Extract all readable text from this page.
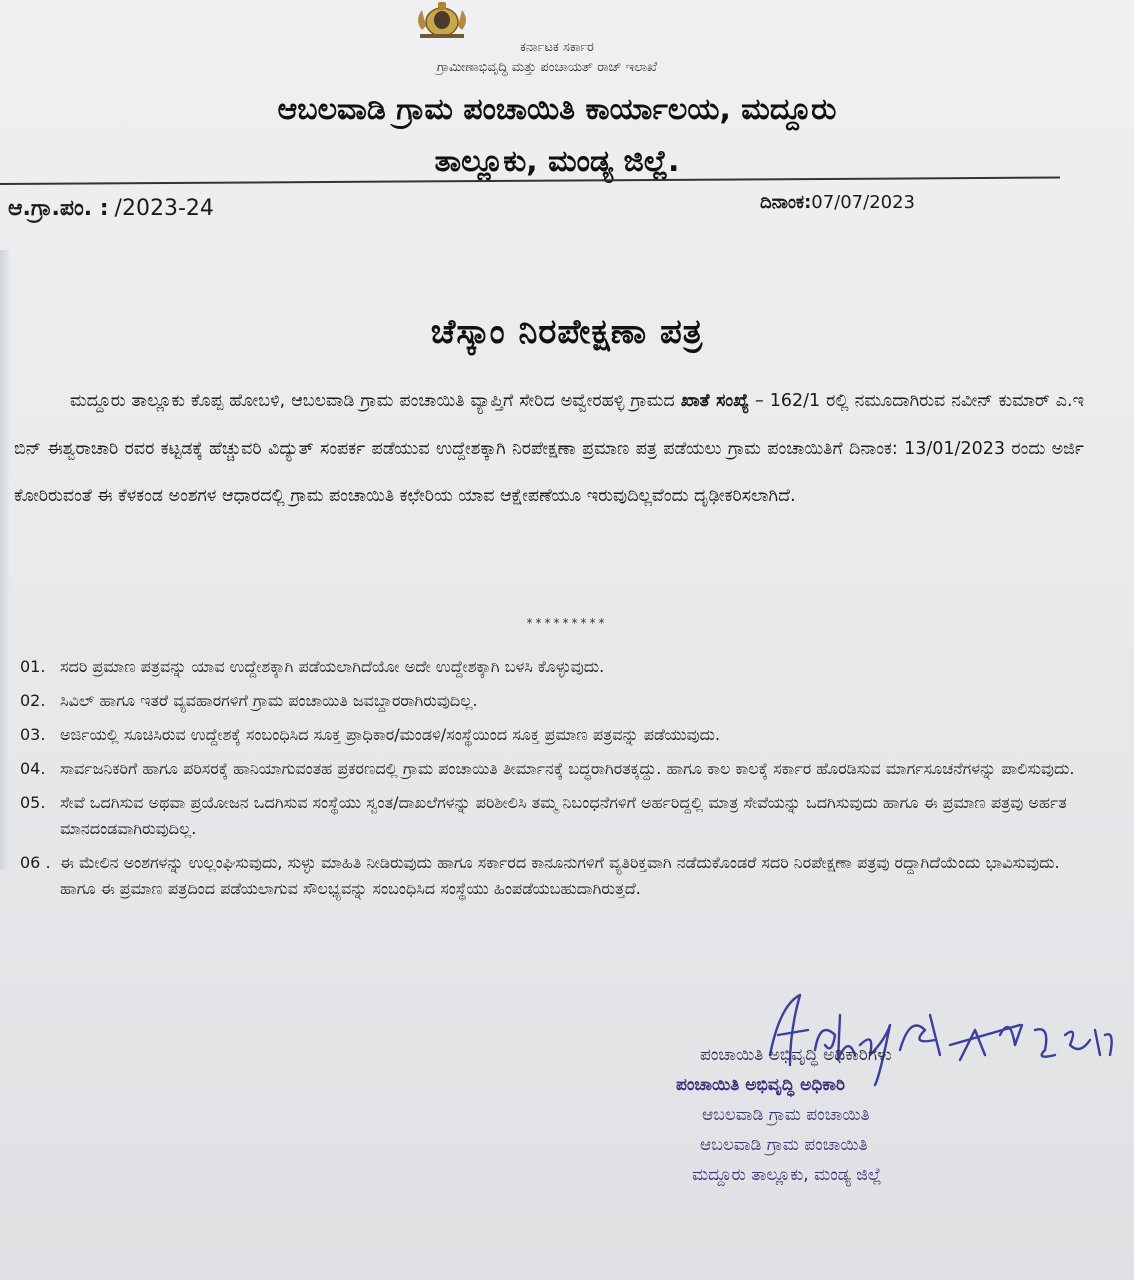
ಕರ್ನಾಟಕ ಸರ್ಕಾರ
ಗ್ರಾಮೀಣಾಭಿವೃದ್ಧಿ ಮತ್ತು ಪಂಚಾಯತ್ ರಾಜ್ ಇಲಾಖೆ
ಆಬಲವಾಡಿ ಗ್ರಾಮ ಪಂಚಾಯಿತಿ ಕಾರ್ಯಾಲಯ, ಮದ್ದೂರು
ತಾಲ್ಲೂಕು, ಮಂಡ್ಯ ಜಿಲ್ಲೆ.
ಆ.ಗ್ರಾ.ಪಂ. : /2023-24	ದಿನಾಂಕ:07/07/2023
ಚೆಸ್ಕಾಂ ನಿರಪೇಕ್ಷಣಾ ಪತ್ರ
ಮದ್ದೂರು ತಾಲ್ಲೂಕು ಕೊಪ್ಪ ಹೋಬಳಿ, ಆಬಲವಾಡಿ ಗ್ರಾಮ ಪಂಚಾಯಿತಿ ವ್ಯಾಪ್ತಿಗೆ ಸೇರಿದ ಅವ್ವೇರಹಳ್ಳಿ ಗ್ರಾಮದ ಖಾತೆ ಸಂಖ್ಯೆ – 162/1 ರಲ್ಲಿ ನಮೂದಾಗಿರುವ ನವೀನ್ ಕುಮಾರ್ ಎ.ಇ ಬಿನ್ ಈಶ್ವರಾಚಾರಿ ರವರ ಕಟ್ಟಡಕ್ಕೆ ಹೆಚ್ಚುವರಿ ವಿದ್ಯುತ್ ಸಂಪರ್ಕ ಪಡೆಯುವ ಉದ್ದೇಶಕ್ಕಾಗಿ ನಿರಪೇಕ್ಷಣಾ ಪ್ರಮಾಣ ಪತ್ರ ಪಡೆಯಲು ಗ್ರಾಮ ಪಂಚಾಯಿತಿಗೆ ದಿನಾಂಕ: 13/01/2023 ರಂದು ಅರ್ಜಿ ಕೋರಿರುವಂತೆ ಈ ಕೆಳಕಂಡ ಅಂಶಗಳ ಆಧಾರದಲ್ಲಿ ಗ್ರಾಮ ಪಂಚಾಯಿತಿ ಕಛೇರಿಯ ಯಾವ ಆಕ್ಷೇಪಣೆಯೂ ಇರುವುದಿಲ್ಲವೆಂದು ದೃಢೀಕರಿಸಲಾಗಿದೆ.
*********
01. ಸದರಿ ಪ್ರಮಾಣ ಪತ್ರವನ್ನು ಯಾವ ಉದ್ದೇಶಕ್ಕಾಗಿ ಪಡೆಯಲಾಗಿದೆಯೋ ಅದೇ ಉದ್ದೇಶಕ್ಕಾಗಿ ಬಳಸಿ ಕೊಳ್ಳುವುದು.
02. ಸಿವಿಲ್ ಹಾಗೂ ಇತರೆ ವ್ಯವಹಾರಗಳಿಗೆ ಗ್ರಾಮ ಪಂಚಾಯಿತಿ ಜವಬ್ದಾರರಾಗಿರುವುದಿಲ್ಲ.
03. ಅರ್ಜಿಯಲ್ಲಿ ಸೂಚಿಸಿರುವ ಉದ್ದೇಶಕ್ಕೆ ಸಂಬಂಧಿಸಿದ ಸೂಕ್ತ ಪ್ರಾಧಿಕಾರ/ಮಂಡಳಿ/ಸಂಸ್ಥೆಯಿಂದ ಸೂಕ್ತ ಪ್ರಮಾಣ ಪತ್ರವನ್ನು ಪಡೆಯುವುದು.
04. ಸಾರ್ವಜನಿಕರಿಗೆ ಹಾಗೂ ಪರಿಸರಕ್ಕೆ ಹಾನಿಯಾಗುವಂತಹ ಪ್ರಕರಣದಲ್ಲಿ ಗ್ರಾಮ ಪಂಚಾಯಿತಿ ತೀರ್ಮಾನಕ್ಕೆ ಬದ್ಧರಾಗಿರತಕ್ಕದ್ದು. ಹಾಗೂ ಕಾಲ ಕಾಲಕ್ಕೆ ಸರ್ಕಾರ ಹೊರಡಿಸುವ ಮಾರ್ಗಸೂಚನೆಗಳನ್ನು ಪಾಲಿಸುವುದು.
05. ಸೇವೆ ಒದಗಿಸುವ ಅಥವಾ ಪ್ರಯೋಜನ ಒದಗಿಸುವ ಸಂಸ್ಥೆಯು ಸ್ವಂತ/ದಾಖಲೆಗಳನ್ನು ಪರಿಶೀಲಿಸಿ ತಮ್ಮ ನಿಬಂಧನೆಗಳಿಗೆ ಅರ್ಹರಿದ್ದಲ್ಲಿ ಮಾತ್ರ ಸೇವೆಯನ್ನು ಒದಗಿಸುವುದು ಹಾಗೂ ಈ ಪ್ರಮಾಣ ಪತ್ರವು ಅರ್ಹತ ಮಾನದಂಡವಾಗಿರುವುದಿಲ್ಲ.
06 . ಈ ಮೇಲಿನ ಅಂಶಗಳನ್ನು ಉಲ್ಲಂಘಿಸುವುದು, ಸುಳ್ಳು ಮಾಹಿತಿ ನೀಡಿರುವುದು ಹಾಗೂ ಸರ್ಕಾರದ ಕಾನೂನುಗಳಿಗೆ ವ್ಯತಿರಿಕ್ತವಾಗಿ ನಡೆದುಕೊಂಡರೆ ಸದರಿ ನಿರಪೇಕ್ಷಣಾ ಪತ್ರವು ರದ್ದಾಗಿದೆಯೆಂದು ಭಾವಿಸುವುದು. ಹಾಗೂ ಈ ಪ್ರಮಾಣ ಪತ್ರದಿಂದ ಪಡೆಯಲಾಗುವ ಸೌಲಭ್ಯವನ್ನು ಸಂಬಂಧಿಸಿದ ಸಂಸ್ಥೆಯು ಹಿಂಪಡೆಯಬಹುದಾಗಿರುತ್ತದೆ.
ಪಂಚಾಯಿತಿ ಅಭಿವೃದ್ಧಿ ಅಧಿಕಾರಿಗಳು
ಪಂಚಾಯಿತಿ ಅಭಿವೃದ್ಧಿ ಅಧಿಕಾರಿ
ಆಬಲವಾಡಿ ಗ್ರಾಮ ಪಂಚಾಯಿತಿ
ಆಬಲವಾಡಿ ಗ್ರಾಮ ಪಂಚಾಯಿತಿ
ಮದ್ದೂರು ತಾಲ್ಲೂಕು, ಮಂಡ್ಯ ಜಿಲ್ಲೆ
